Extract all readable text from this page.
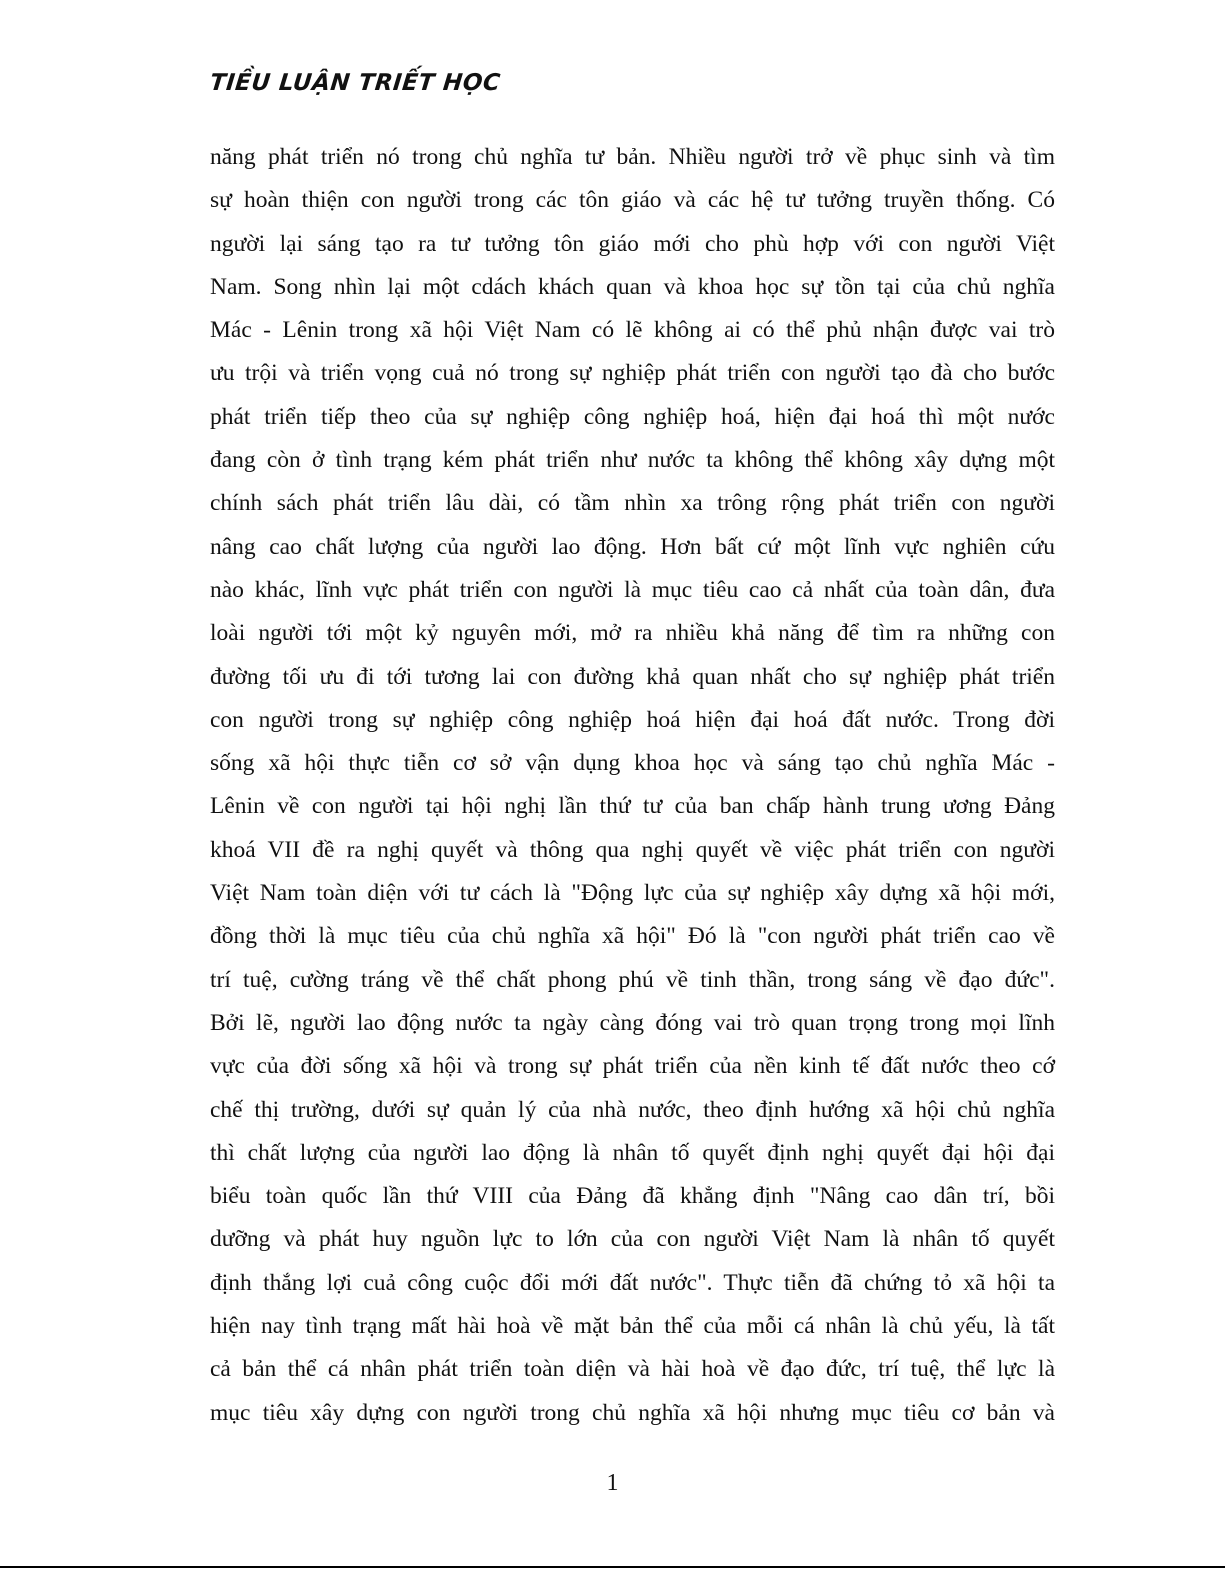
TIỀU LUẬN TRIẾT HỌC
năng phát triển nó trong chủ nghĩa tư bản. Nhiều người trở về phục sinh và tìm
sự hoàn thiện con người trong các tôn giáo và các hệ tư tưởng truyền thống. Có
người lại sáng tạo ra tư tưởng tôn giáo mới cho phù hợp với con người Việt
Nam. Song nhìn lại một cdách khách quan và khoa học sự tồn tại của chủ nghĩa
Mác - Lênin trong xã hội Việt Nam có lẽ không ai có thể phủ nhận được vai trò
ưu trội và triển vọng cuả nó trong sự nghiệp phát triển con người tạo đà cho bước
phát triển tiếp theo của sự nghiệp công nghiệp hoá, hiện đại hoá thì một nước
đang còn ở tình trạng kém phát triển như nước ta không thể không xây dựng một
chính sách phát triển lâu dài, có tầm nhìn xa trông rộng phát triển con người
nâng cao chất lượng của người lao động. Hơn bất cứ một lĩnh vực nghiên cứu
nào khác, lĩnh vực phát triển con người là mục tiêu cao cả nhất của toàn dân, đưa
loài người tới một kỷ nguyên mới, mở ra nhiều khả năng để tìm ra những con
đường tối ưu đi tới tương lai con đường khả quan nhất cho sự nghiệp phát triển
con người trong sự nghiệp công nghiệp hoá hiện đại hoá đất nước. Trong đời
sống xã hội thực tiễn cơ sở vận dụng khoa học và sáng tạo chủ nghĩa Mác -
Lênin về con người tại hội nghị lần thứ tư của ban chấp hành trung ương Đảng
khoá VII đề ra nghị quyết và thông qua nghị quyết về việc phát triển con người
Việt Nam toàn diện với tư cách là "Động lực của sự nghiệp xây dựng xã hội mới,
đồng thời là mục tiêu của chủ nghĩa xã hội" Đó là "con người phát triển cao về
trí tuệ, cường tráng về thể chất phong phú về tinh thần, trong sáng về đạo đức".
Bởi lẽ, người lao động nước ta ngày càng đóng vai trò quan trọng trong mọi lĩnh
vực của đời sống xã hội và trong sự phát triển của nền kinh tế đất nước theo cớ
chế thị trường, dưới sự quản lý của nhà nước, theo định hướng xã hội chủ nghĩa
thì chất lượng của người lao động là nhân tố quyết định nghị quyết đại hội đại
biểu toàn quốc lần thứ VIII của Đảng đã khẳng định "Nâng cao dân trí, bồi
dưỡng và phát huy nguồn lực to lớn của con người Việt Nam là nhân tố quyết
định thắng lợi cuả công cuộc đổi mới đất nước". Thực tiễn đã chứng tỏ xã hội ta
hiện nay tình trạng mất hài hoà về mặt bản thể của mỗi cá nhân là chủ yếu, là tất
cả bản thể cá nhân phát triển toàn diện và hài hoà về đạo đức, trí tuệ, thể lực là
mục tiêu xây dựng con người trong chủ nghĩa xã hội nhưng mục tiêu cơ bản và
1
